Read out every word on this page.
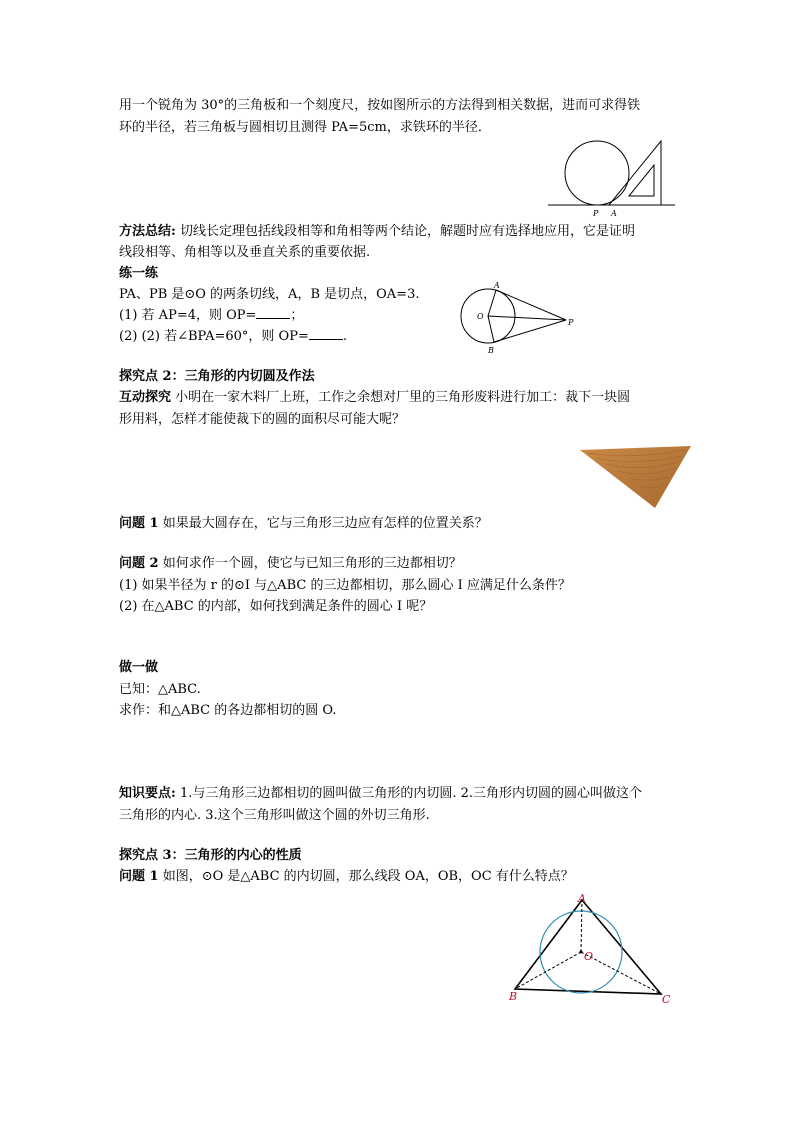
用一个锐角为 30°的三角板和一个刻度尺，按如图所示的方法得到相关数据，进而可求得铁
环的半径，若三角板与圆相切且测得 PA=5cm，求铁环的半径．
P A
方法总结: 切线长定理包括线段相等和角相等两个结论，解题时应有选择地应用，它是证明
线段相等、角相等以及垂直关系的重要依据.
练一练
PA、PB 是⊙O 的两条切线，A，B 是切点，OA=3.
(1) 若 AP=4，则 OP=	；
(2) (2) 若∠BPA=60°，则 OP=	.
A
O
B
P
探究点 2：三角形的内切圆及作法
互动探究 小明在一家木料厂上班，工作之余想对厂里的三角形废料进行加工：裁下一块圆
形用料，怎样才能使裁下的圆的面积尽可能大呢？
问题 1 如果最大圆存在，它与三角形三边应有怎样的位置关系？
问题 2 如何求作一个圆，使它与已知三角形的三边都相切？
(1) 如果半径为 r 的⊙I 与△ABC 的三边都相切，那么圆心 I 应满足什么条件？
(2) 在△ABC 的内部，如何找到满足条件的圆心 I 呢？
做一做
已知：△ABC.
求作：和△ABC 的各边都相切的圆 O.
知识要点: 1.与三角形三边都相切的圆叫做三角形的内切圆. 2.三角形内切圆的圆心叫做这个
三角形的内心. 3.这个三角形叫做这个圆的外切三角形.
探究点 3：三角形的内心的性质
问题 1 如图，⊙O 是△ABC 的内切圆，那么线段 OA，OB，OC 有什么特点？
A
O
B	C
